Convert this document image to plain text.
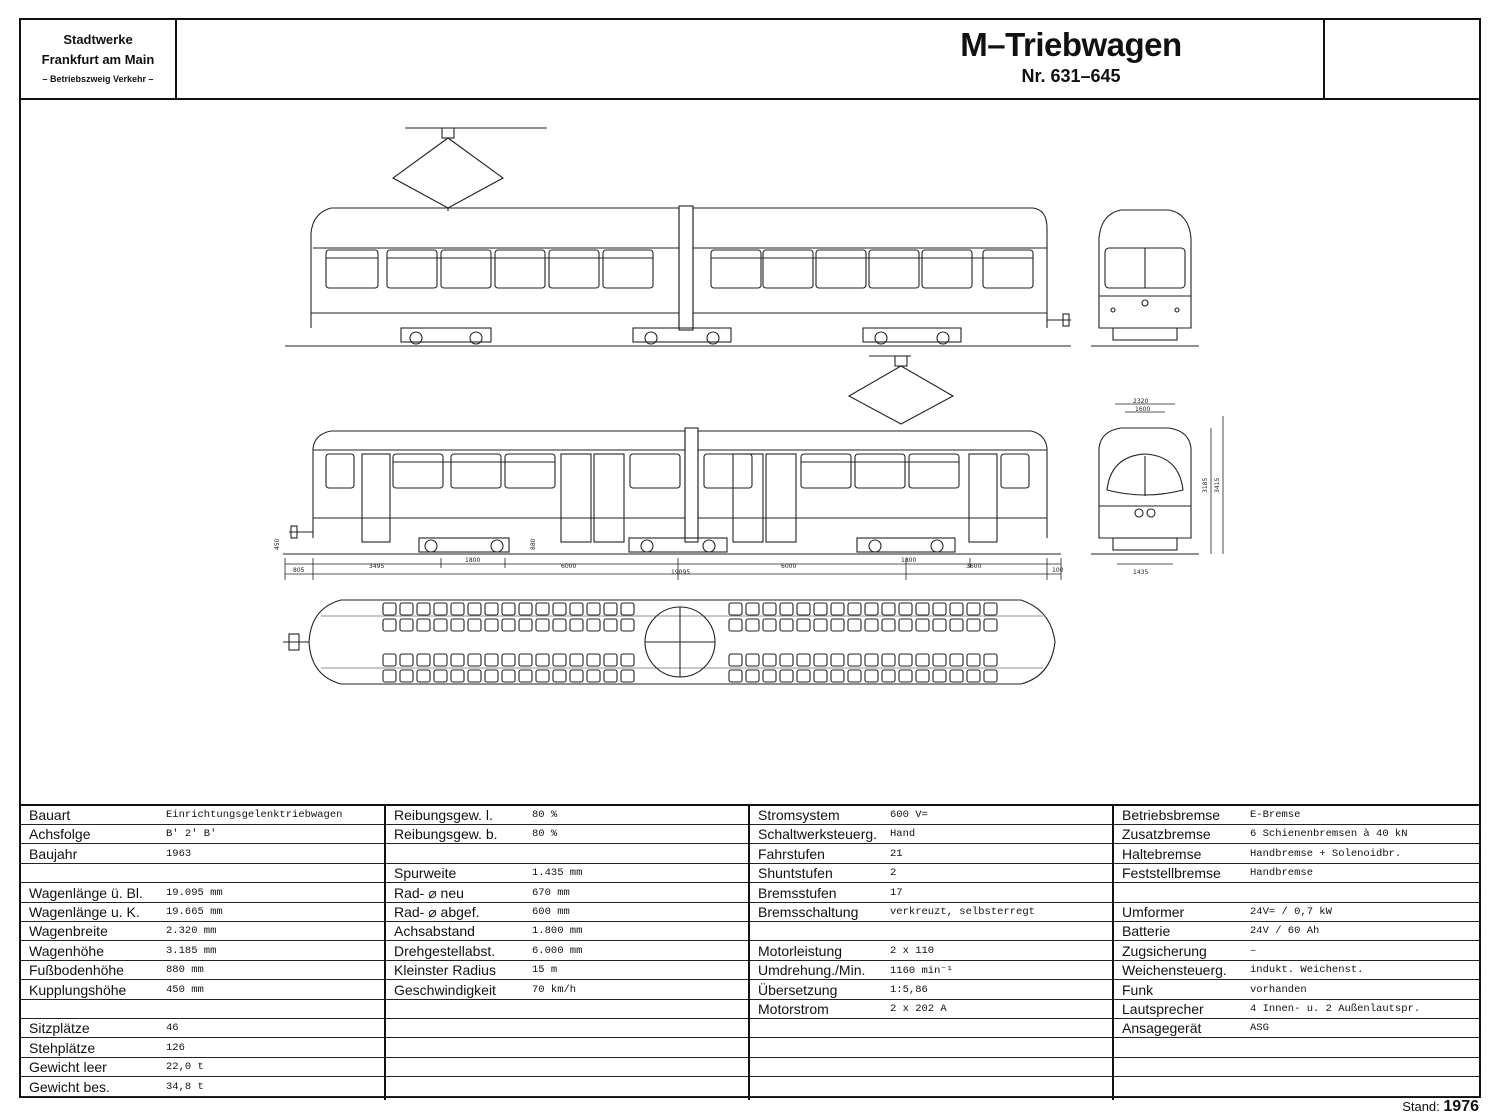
Stadtwerke
Frankfurt am Main
– Betriebszweig Verkehr –
M–Triebwagen
Nr. 631–645
805
3495
1800
6000	6000
1800
3600
100
19095	1435
2320
1600
3185 3415
450	880
Bauart	Einrichtungsgelenktriebwagen
Achsfolge	B' 2' B'
Baujahr	1963
Wagenlänge ü. Bl. 19.095 mm
Wagenlänge u. K. 19.665 mm
Wagenbreite	2.320 mm
Wagenhöhe	3.185 mm
Fußbodenhöhe	880 mm
Kupplungshöhe	450 mm
Sitzplätze	46
Stehplätze	126
Gewicht leer	22,0 t
Gewicht bes.	34,8 t
Reibungsgew. l.	80 %
Reibungsgew. b.	80 %
Spurweite	1.435 mm
Rad- ⌀ neu	670 mm
Rad- ⌀ abgef.	600 mm
Achsabstand	1.800 mm
Drehgestellabst.	6.000 mm
Kleinster Radius	15 m
Geschwindigkeit	70 km/h
Stromsystem	600 V=
Schaltwerksteuerg. Hand
Fahrstufen	21
Shuntstufen	2
Bremsstufen	17
Bremsschaltung	verkreuzt, selbsterregt
Motorleistung	2 x 110
Umdrehung./Min. 1160 min⁻¹
Übersetzung	1:5,86
Motorstrom	2 x 202 A
Betriebsbremse	E-Bremse
Zusatzbremse	6 Schienenbremsen à 40 kN
Haltebremse	Handbremse + Solenoidbr.
Feststellbremse	Handbremse
Umformer	24V= / 0,7 kW
Batterie	24V / 60 Ah
Zugsicherung	–
Weichensteuerg. indukt. Weichenst.
Funk	vorhanden
Lautsprecher	4 Innen- u. 2 Außenlautspr.
Ansagegerät	ASG
Stand: 1976
